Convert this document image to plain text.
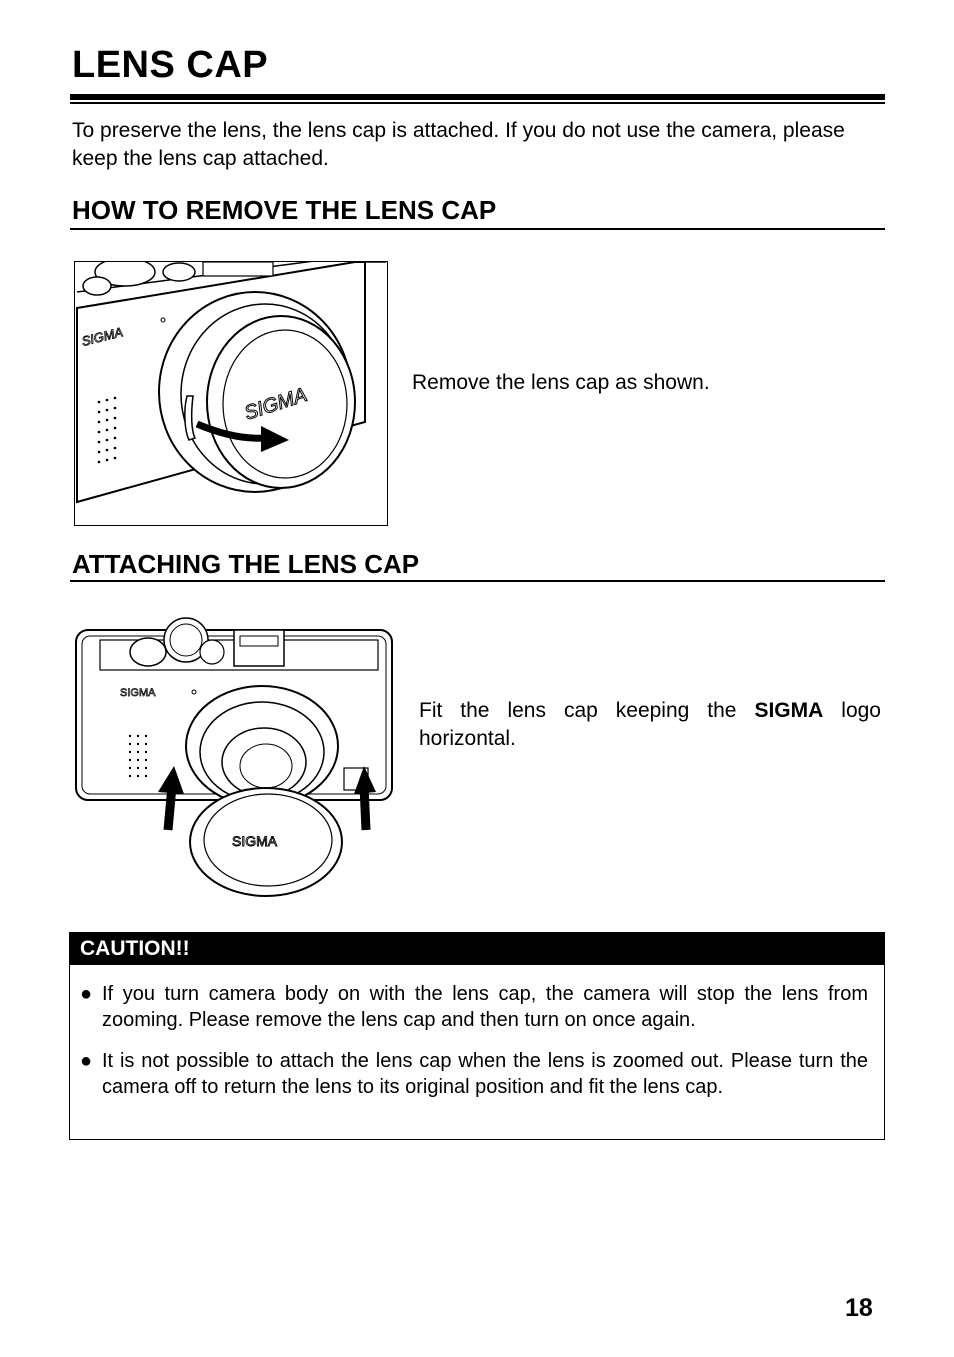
LENS CAP
To preserve the lens, the lens cap is attached. If you do not use the camera, please keep the lens cap attached.
HOW TO REMOVE THE LENS CAP
SIGMA
SIGMA
Remove the lens cap as shown.
ATTACHING THE LENS CAP
SIGMA
SIGMA
Fit the lens cap keeping the SIGMA logo horizontal.
CAUTION!!
● If you turn camera body on with the lens cap, the camera will stop the lens from zooming. Please remove the lens cap and then turn on once again.
● It is not possible to attach the lens cap when the lens is zoomed out. Please turn the camera off to return the lens to its original position and fit the lens cap.
18
